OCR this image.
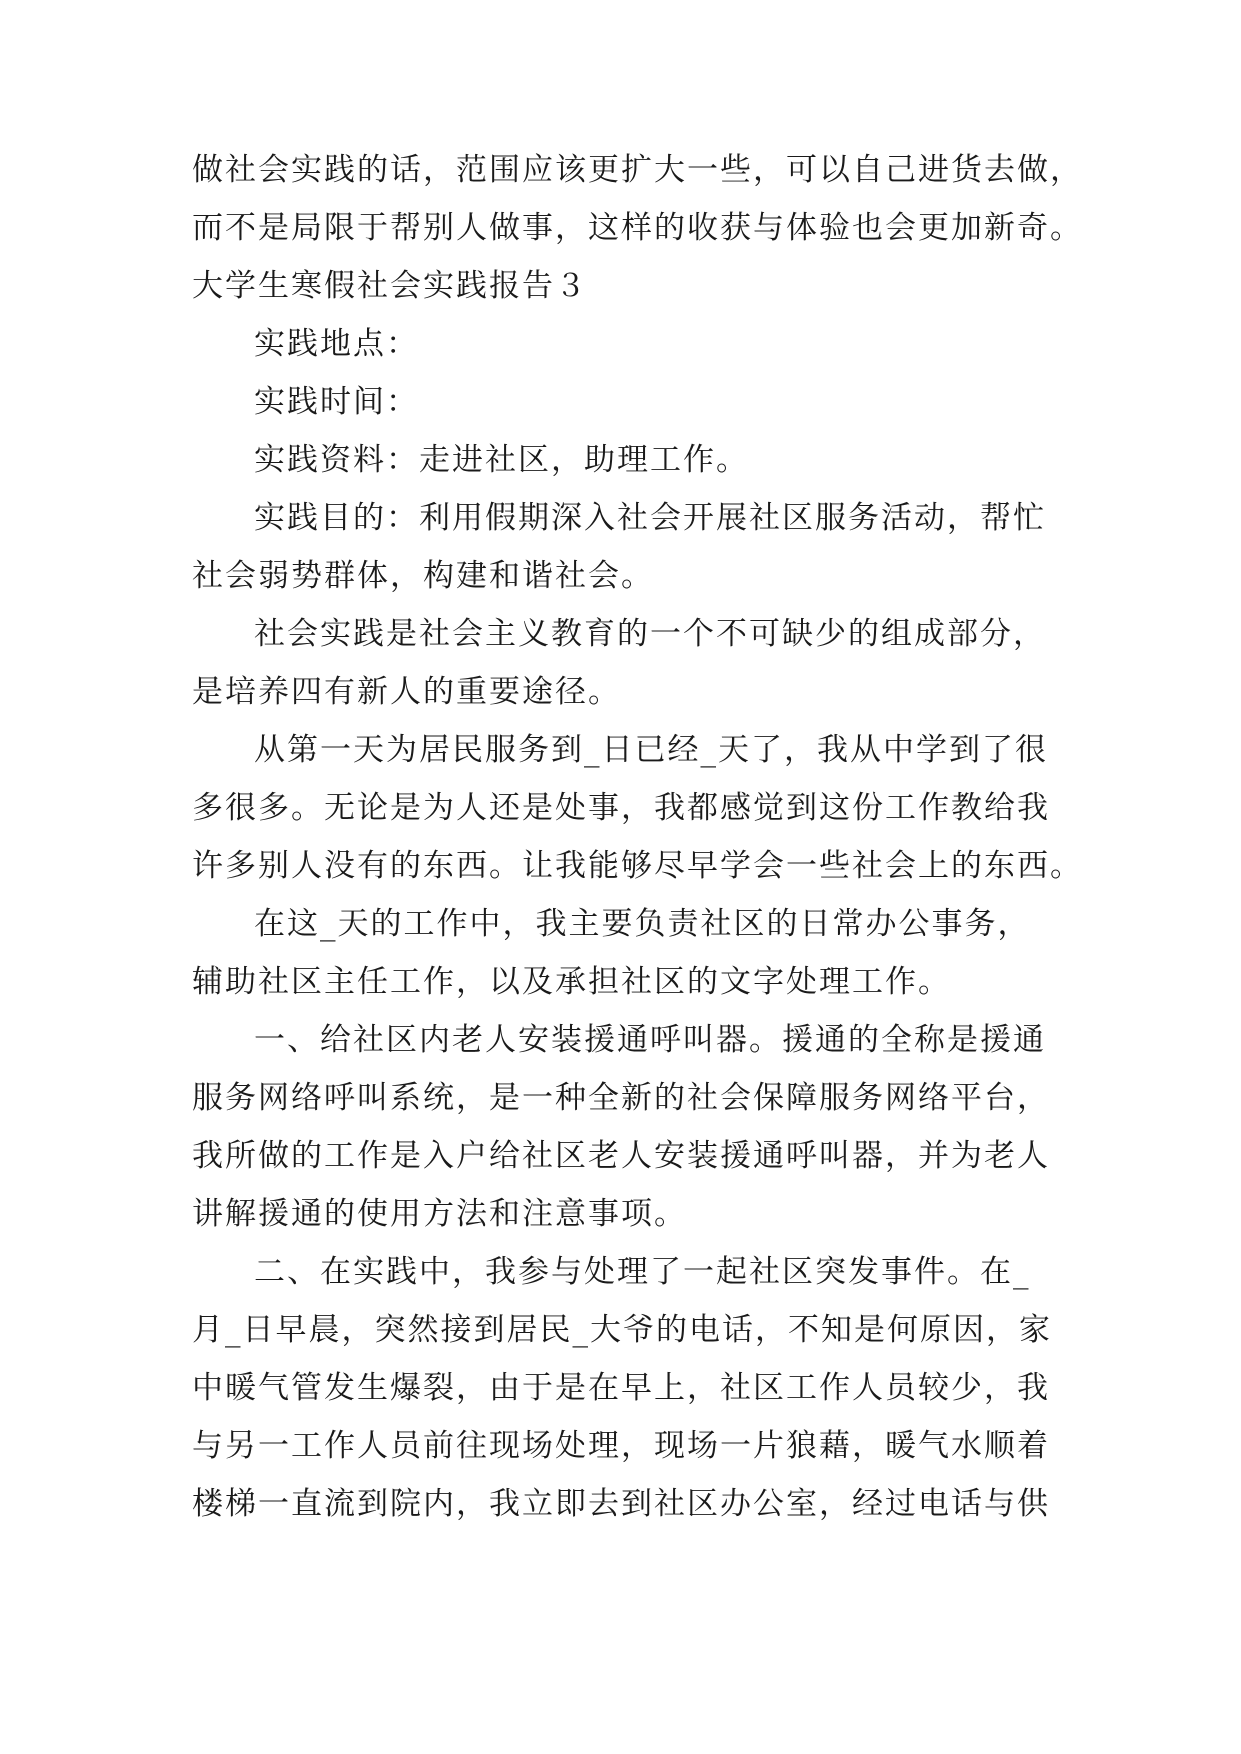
做社会实践的话，范围应该更扩大一些，可以自己进货去做，
而不是局限于帮别人做事，这样的收获与体验也会更加新奇。
大学生寒假社会实践报告３
实践地点：
实践时间：
实践资料：走进社区，助理工作。
实践目的：利用假期深入社会开展社区服务活动，帮忙
社会弱势群体，构建和谐社会。
社会实践是社会主义教育的一个不可缺少的组成部分，
是培养四有新人的重要途径。
从第一天为居民服务到_日已经_天了，我从中学到了很
多很多。无论是为人还是处事，我都感觉到这份工作教给我
许多别人没有的东西。让我能够尽早学会一些社会上的东西。
在这_天的工作中，我主要负责社区的日常办公事务，
辅助社区主任工作，以及承担社区的文字处理工作。
一、给社区内老人安装援通呼叫器。援通的全称是援通
服务网络呼叫系统，是一种全新的社会保障服务网络平台，
我所做的工作是入户给社区老人安装援通呼叫器，并为老人
讲解援通的使用方法和注意事项。
二、在实践中，我参与处理了一起社区突发事件。在_
月_日早晨，突然接到居民_大爷的电话，不知是何原因，家
中暖气管发生爆裂，由于是在早上，社区工作人员较少，我
与另一工作人员前往现场处理，现场一片狼藉，暖气水顺着
楼梯一直流到院内，我立即去到社区办公室，经过电话与供
